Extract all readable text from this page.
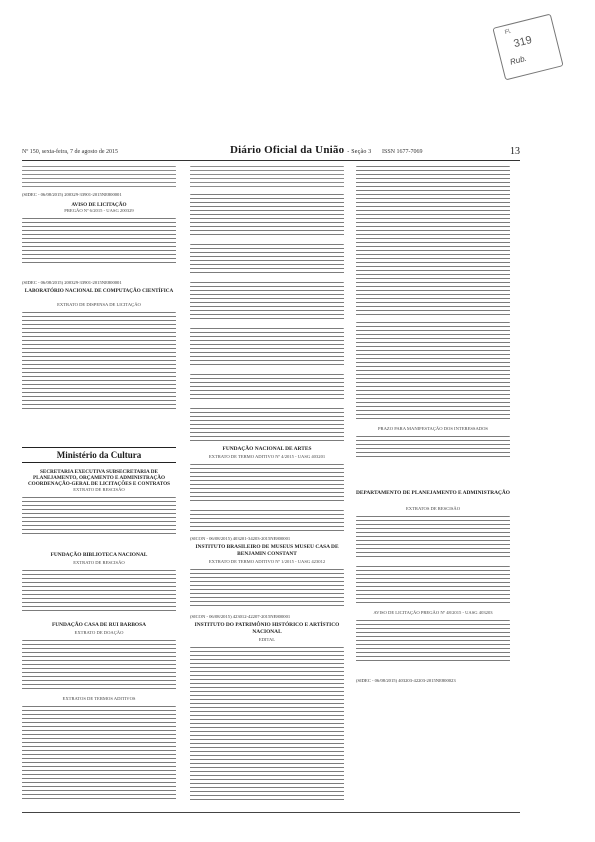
Fl.
319
Rub.
Nº 150, sexta-feira, 7 de agosto de 2015	Diário Oficial da União - Seção 3 ISSN 1677-7069	13
(SIDEC - 06/08/2015) 200329-33901-2015NE800001
AVISO DE LICITAÇÃO
PREGÃO Nº 6/2015 - UASG 200329
(SIDEC - 06/08/2015) 200329-33901-2015NE800001
LABORATÓRIO NACIONAL DE COMPUTAÇÃO CIENTÍFICA
EXTRATO DE DISPENSA DE LICITAÇÃO
Ministério da Cultura
SECRETARIA EXECUTIVA SUBSECRETARIA DE PLANEJAMENTO, ORÇAMENTO E ADMINISTRAÇÃO COORDENAÇÃO-GERAL DE LICITAÇÕES E CONTRATOS
EXTRATO DE RESCISÃO
FUNDAÇÃO BIBLIOTECA NACIONAL
EXTRATO DE RESCISÃO
FUNDAÇÃO CASA DE RUI BARBOSA
EXTRATO DE DOAÇÃO
EXTRATOS DE TERMOS ADITIVOS
FUNDAÇÃO NACIONAL DE ARTES
EXTRATO DE TERMO ADITIVO Nº 4/2015 - UASG 403201
(SICON - 06/08/2015) 403201-34203-2015NE800001
INSTITUTO BRASILEIRO DE MUSEUS MUSEU CASA DE BENJAMIN CONSTANT
EXTRATO DE TERMO ADITIVO Nº 1/2015 - UASG 423012
(SICON - 06/08/2015) 423012-42207-2015NE800001
INSTITUTO DO PATRIMÔNIO HISTÓRICO E ARTÍSTICO NACIONAL
EDITAL
PRAZO PARA MANIFESTAÇÃO DOS INTERESSADOS
DEPARTAMENTO DE PLANEJAMENTO E ADMINISTRAÇÃO
EXTRATOS DE RESCISÃO
AVISO DE LICITAÇÃO PREGÃO Nº 48/2015 - UASG 403203
(SIDEC - 06/08/2015) 403203-42203-2015NE800023
